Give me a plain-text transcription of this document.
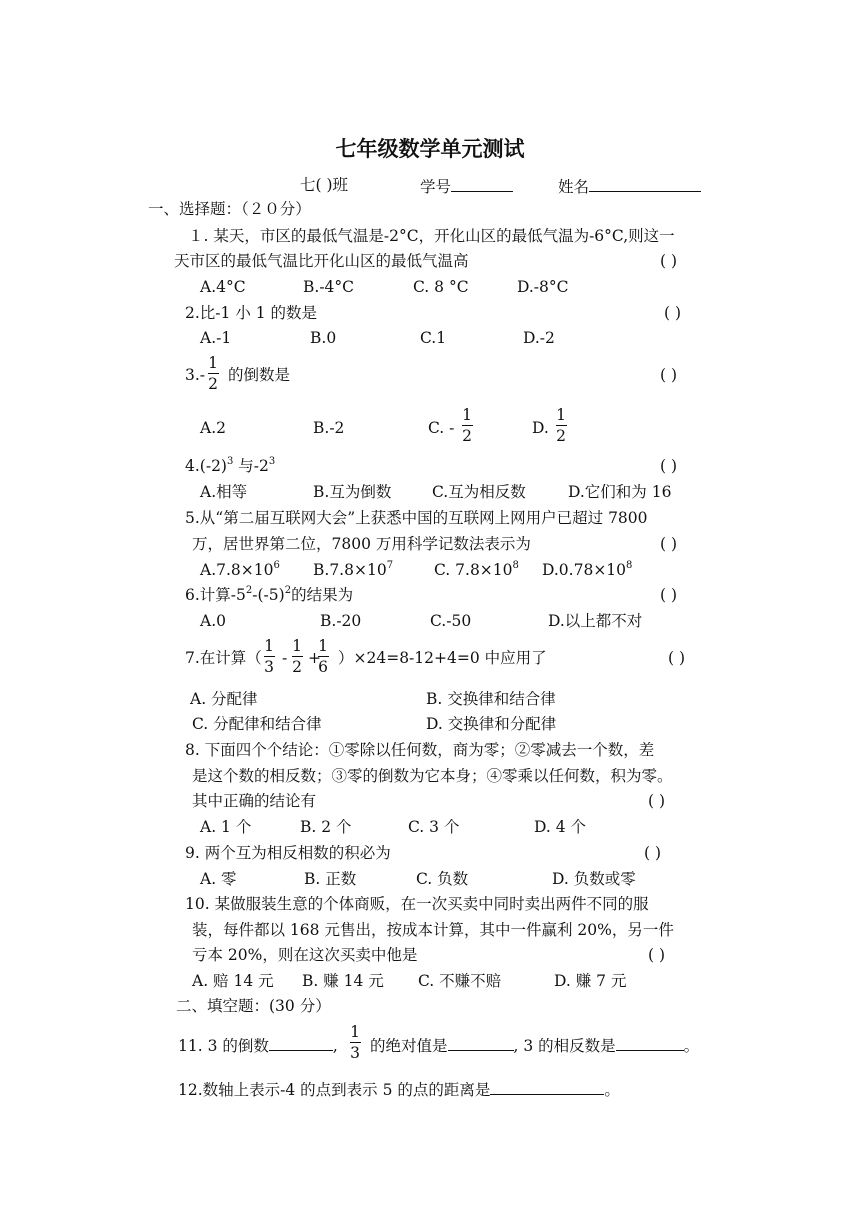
七年级数学单元测试
七( )班	学号	姓名
一、选择题：（２０分）
１. 某天，市区的最低气温是-2°C，开化山区的最低气温为-6°C,则这一
天市区的最低气温比开化山区的最低气温高	( )
A.4°C	B.-4°C	C. 8 °C	D.-8°C
2.比-1 小 1 的数是	( )
A.-1	B.0	C.1	D.-2
3.-
1
2 的倒数是	( )
A.2	B.-2	C. -
1
2	D.
1
2
$4.(-2)^3$ 与$-2^3$	( )
A.相等	B.互为倒数	C.互为相反数	D.它们和为 16
5.从“第二届互联网大会”上获悉中国的互联网上网用户已超过 7800
万，居世界第二位，7800 万用科学记数法表示为	( )
$A.7.8\times 10^6$ $B.7.8\times 10^7$	C. $7.8\times 10^8$ $D.0.78\times 10^8$
6.计算$-5^2-(-5)^2$的结果为	( )
A.0	B.-20	C.-50	D.以上都不对
7.在计算（
1
3 -
1
2 +
1
6 ）×24=8-12+4=0 中应用了	( )
A. 分配律	B. 交换律和结合律
C. 分配律和结合律	D. 交换律和分配律
8. 下面四个个结论：①零除以任何数，商为零；②零减去一个数，差
是这个数的相反数；③零的倒数为它本身；④零乘以任何数，积为零。
其中正确的结论有	( )
A. 1 个	B. 2 个	C. 3 个	D. 4 个
9. 两个互为相反相数的积必为	( )
A. 零	B. 正数	C. 负数	D. 负数或零
10. 某做服装生意的个体商贩，在一次买卖中同时卖出两件不同的服
装，每件都以 168 元售出，按成本计算，其中一件赢利 20%，另一件
亏本 20%，则在这次买卖中他是	( )
A. 赔 14 元 B. 赚 14 元 C. 不赚不赔	D. 赚 7 元
二、填空题：(30 分）
11. 3 的倒数	,
1
3 的绝对值是	, 3 的相反数是	。
12.数轴上表示-4 的点到表示 5 的点的距离是	。
